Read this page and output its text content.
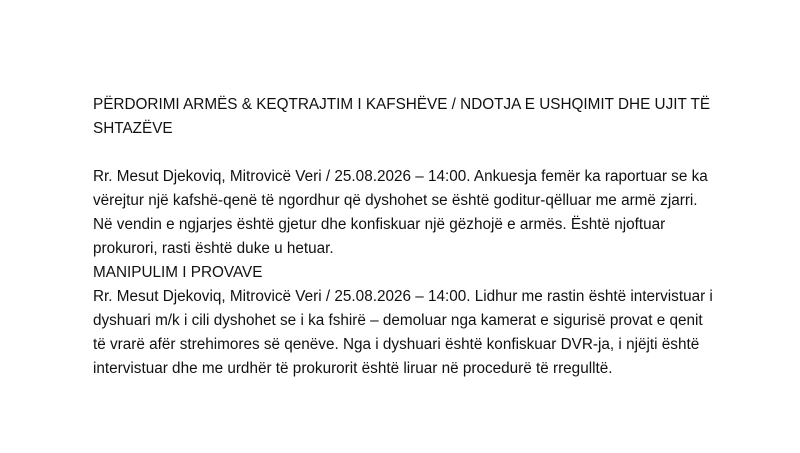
PËRDORIMI ARMËS & KEQTRAJTIM I KAFSHËVE / NDOTJA E USHQIMIT DHE UJIT TË SHTAZËVE

Rr. Mesut Djekoviq, Mitrovicë Veri / 25.08.2026 – 14:00. Ankuesja femër ka raportuar se ka vërejtur një kafshë-qenë të ngordhur që dyshohet se është goditur-qëlluar me armë zjarri. Në vendin e ngjarjes është gjetur dhe konfiskuar një gëzhojë e armës. Është njoftuar prokurori, rasti është duke u hetuar.

MANIPULIM I PROVAVE

Rr. Mesut Djekoviq, Mitrovicë Veri / 25.08.2026 – 14:00. Lidhur me rastin është intervistuar i dyshuari m/k i cili dyshohet se i ka fshirë – demoluar nga kamerat e sigurisë provat e qenit të vrarë afër strehimores së qenëve. Nga i dyshuari është konfiskuar DVR-ja, i njëjti është intervistuar dhe me urdhër të prokurorit është liruar në procedurë të rregulltë.
